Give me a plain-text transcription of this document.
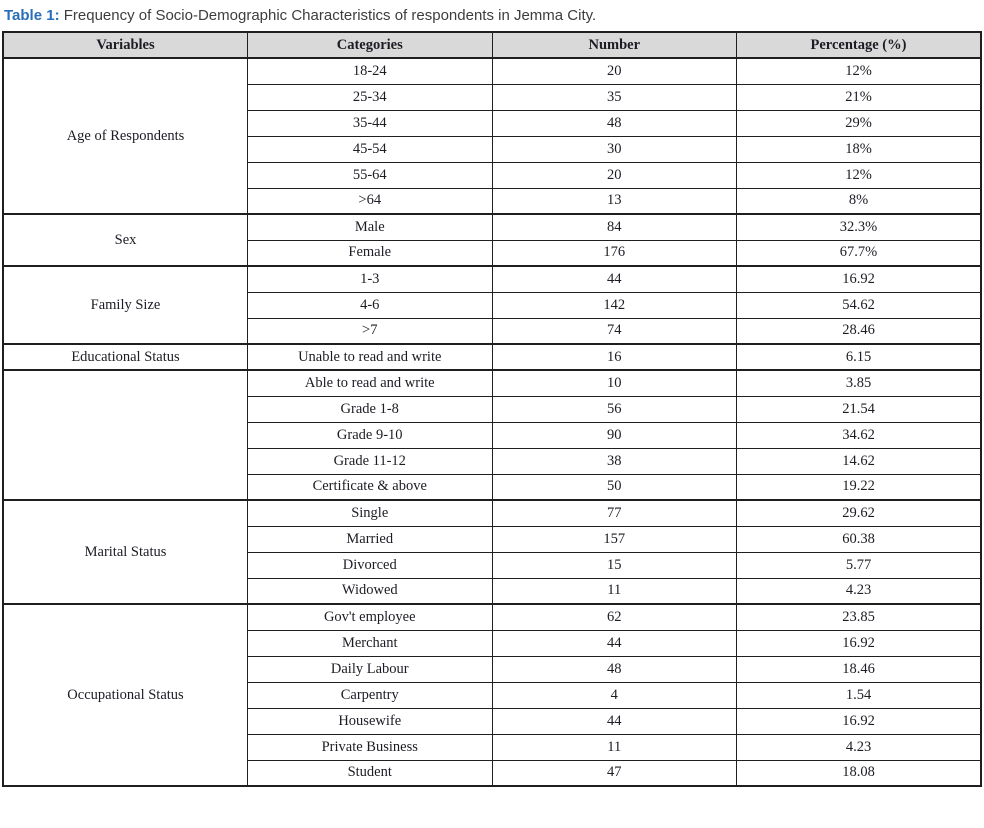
Table 1: Frequency of Socio-Demographic Characteristics of respondents in Jemma City.
Variables	Categories	Number	Percentage (%)
Age of Respondents	18-24	20	12%
	25-34	35	21%
	35-44	48	29%
	45-54	30	18%
	55-64	20	12%
	>64	13	8%
Sex	Male	84	32.3%
	Female	176	67.7%
Family Size	1-3	44	16.92
	4-6	142	54.62
	>7	74	28.46
Educational Status	Unable to read and write	16	6.15
	Able to read and write	10	3.85
	Grade 1-8	56	21.54
	Grade 9-10	90	34.62
	Grade 11-12	38	14.62
	Certificate & above	50	19.22
Marital Status	Single	77	29.62
	Married	157	60.38
	Divorced	15	5.77
	Widowed	11	4.23
Occupational Status	Gov't employee	62	23.85
	Merchant	44	16.92
	Daily Labour	48	18.46
	Carpentry	4	1.54
	Housewife	44	16.92
	Private Business	11	4.23
	Student	47	18.08
